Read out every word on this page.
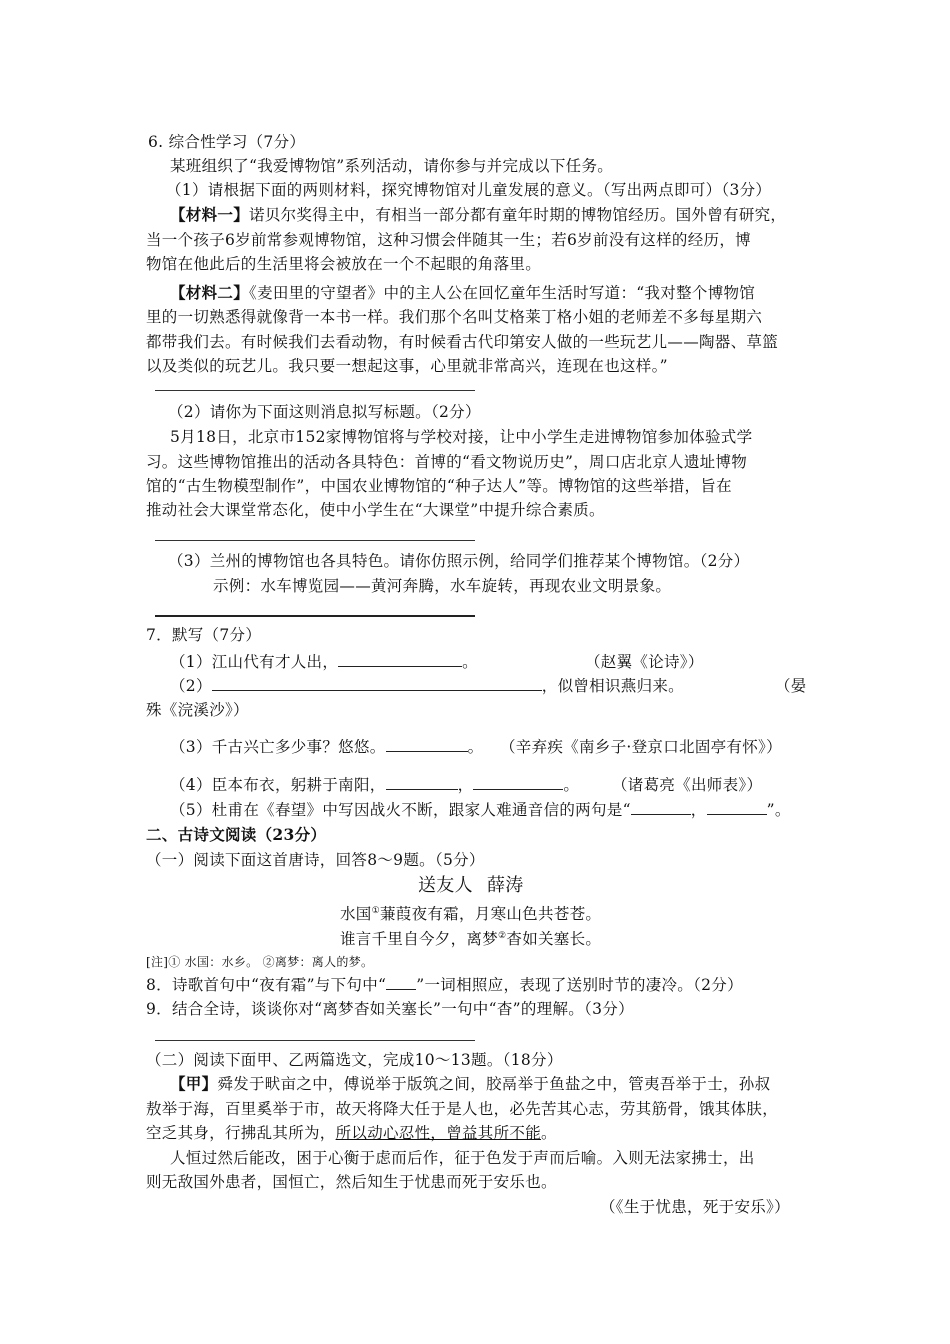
6. 综合性学习（7分）
某班组织了“我爱博物馆”系列活动，请你参与并完成以下任务。
（1）请根据下面的两则材料，探究博物馆对儿童发展的意义。（写出两点即可）（3分）
【材料一】诺贝尔奖得主中，有相当一部分都有童年时期的博物馆经历。国外曾有研究，
当一个孩子6岁前常参观博物馆，这种习惯会伴随其一生；若6岁前没有这样的经历，博
物馆在他此后的生活里将会被放在一个不起眼的角落里。
【材料二】《麦田里的守望者》中的主人公在回忆童年生活时写道：“我对整个博物馆
里的一切熟悉得就像背一本书一样。我们那个名叫艾格莱丁格小姐的老师差不多每星期六
都带我们去。有时候我们去看动物，有时候看古代印第安人做的一些玩艺儿——陶器、草篮
以及类似的玩艺儿。我只要一想起这事，心里就非常高兴，连现在也这样。”
（2）请你为下面这则消息拟写标题。（2分）
5月18日，北京市152家博物馆将与学校对接，让中小学生走进博物馆参加体验式学
习。这些博物馆推出的活动各具特色：首博的“看文物说历史”，周口店北京人遗址博物
馆的“古生物模型制作”，中国农业博物馆的“种子达人”等。博物馆的这些举措，旨在
推动社会大课堂常态化，使中小学生在“大课堂”中提升综合素质。
（3）兰州的博物馆也各具特色。请你仿照示例，给同学们推荐某个博物馆。（2分）
示例：水车博览园——黄河奔腾，水车旋转，再现农业文明景象。
7．默写（7分）
（1）江山代有才人出，	。	（赵翼《论诗》）
（2）	，似曾相识燕归来。	（晏
殊《浣溪沙》）
（3）千古兴亡多少事？悠悠。	。 （辛弃疾《南乡子·登京口北固亭有怀》）
（4）臣本布衣，躬耕于南阳，	，	。 （诸葛亮《出师表》）
（5）杜甫在《春望》中写因战火不断，跟家人难通音信的两句是“	，	”。
二、古诗文阅读（23分）
（一）阅读下面这首唐诗，回答8～9题。（5分）
送友人 薛涛
水国①蒹葭夜有霜，月寒山色共苍苍。
谁言千里自今夕，离梦②杳如关塞长。
[注]① 水国：水乡。 ②离梦：离人的梦。
8．诗歌首句中“夜有霜”与下句中“ ”一词相照应，表现了送别时节的凄冷。（2分）
9．结合全诗，谈谈你对“离梦杳如关塞长”一句中“杳”的理解。（3分）
（二）阅读下面甲、乙两篇选文，完成10～13题。（18分）
【甲】舜发于畎亩之中，傅说举于版筑之间，胶鬲举于鱼盐之中，管夷吾举于士，孙叔
敖举于海，百里奚举于市，故天将降大任于是人也，必先苦其心志，劳其筋骨，饿其体肤，
空乏其身，行拂乱其所为，所以动心忍性，曾益其所不能。
人恒过然后能改，困于心衡于虑而后作，征于色发于声而后喻。入则无法家拂士，出
则无敌国外患者，国恒亡，然后知生于忧患而死于安乐也。
（《生于忧患，死于安乐》）
